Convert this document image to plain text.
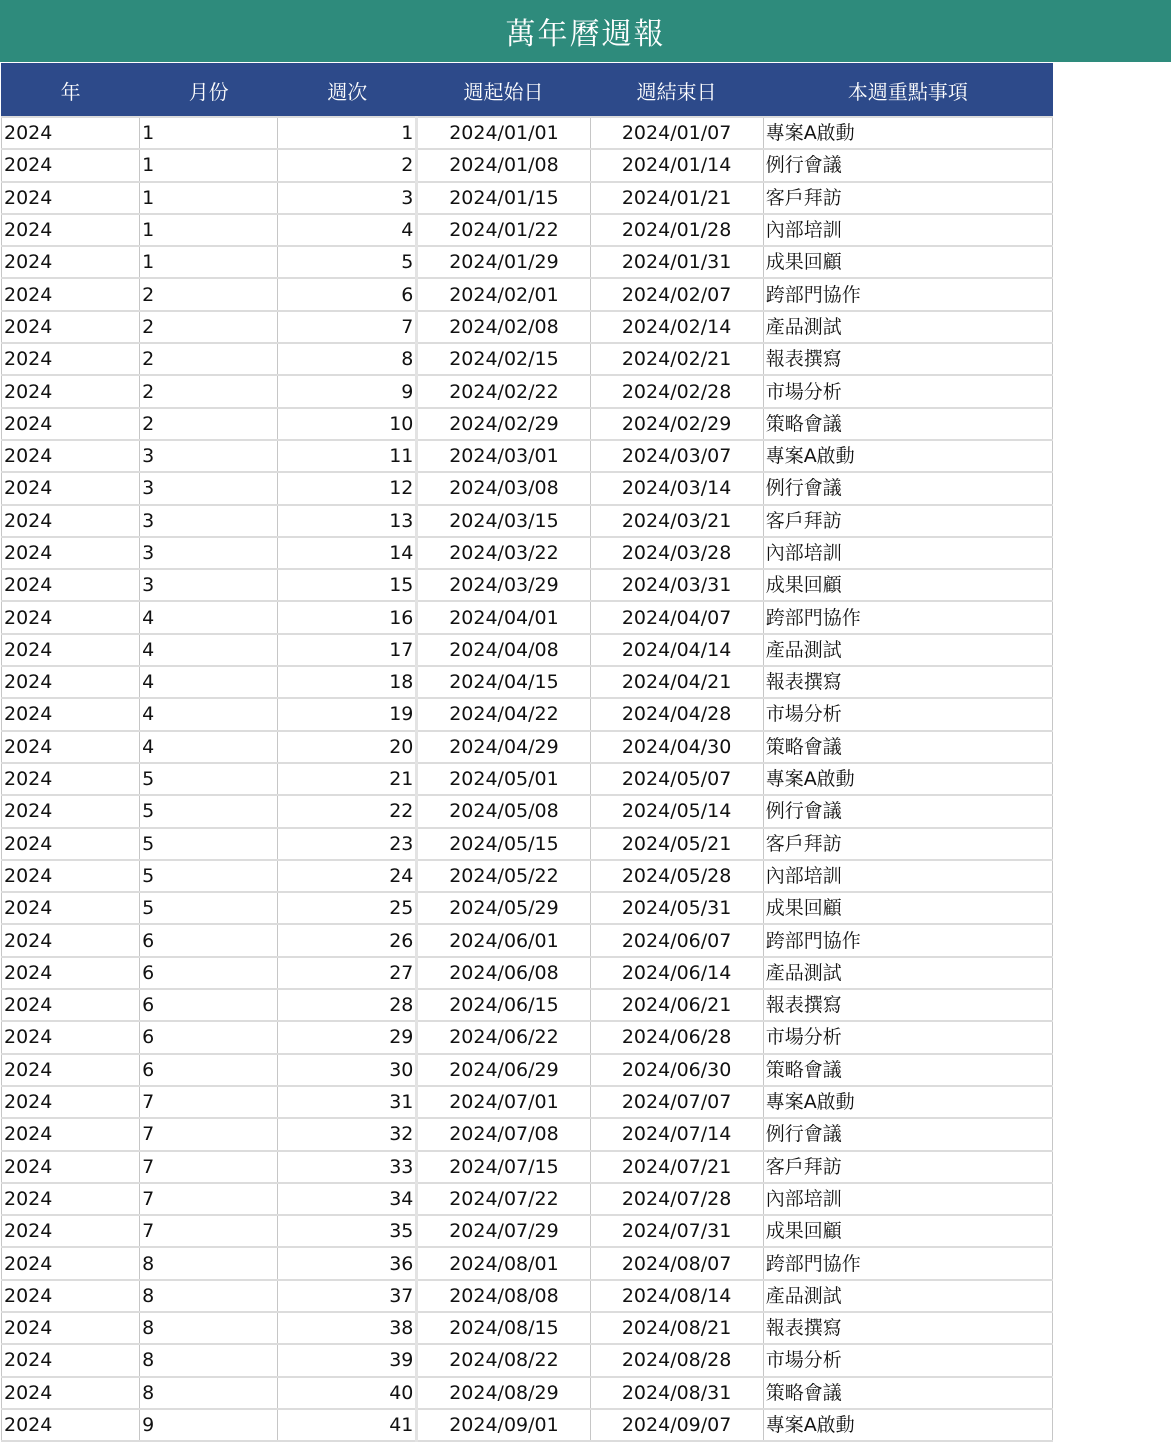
萬年曆週報
年	月份	週次	週起始日	週結束日	本週重點事項
2024	1	1	2024/01/01	2024/01/07	專案A啟動
2024	1	2	2024/01/08	2024/01/14	例行會議
2024	1	3	2024/01/15	2024/01/21	客戶拜訪
2024	1	4	2024/01/22	2024/01/28	內部培訓
2024	1	5	2024/01/29	2024/01/31	成果回顧
2024	2	6	2024/02/01	2024/02/07	跨部門協作
2024	2	7	2024/02/08	2024/02/14	產品測試
2024	2	8	2024/02/15	2024/02/21	報表撰寫
2024	2	9	2024/02/22	2024/02/28	市場分析
2024	2	10	2024/02/29	2024/02/29	策略會議
2024	3	11	2024/03/01	2024/03/07	專案A啟動
2024	3	12	2024/03/08	2024/03/14	例行會議
2024	3	13	2024/03/15	2024/03/21	客戶拜訪
2024	3	14	2024/03/22	2024/03/28	內部培訓
2024	3	15	2024/03/29	2024/03/31	成果回顧
2024	4	16	2024/04/01	2024/04/07	跨部門協作
2024	4	17	2024/04/08	2024/04/14	產品測試
2024	4	18	2024/04/15	2024/04/21	報表撰寫
2024	4	19	2024/04/22	2024/04/28	市場分析
2024	4	20	2024/04/29	2024/04/30	策略會議
2024	5	21	2024/05/01	2024/05/07	專案A啟動
2024	5	22	2024/05/08	2024/05/14	例行會議
2024	5	23	2024/05/15	2024/05/21	客戶拜訪
2024	5	24	2024/05/22	2024/05/28	內部培訓
2024	5	25	2024/05/29	2024/05/31	成果回顧
2024	6	26	2024/06/01	2024/06/07	跨部門協作
2024	6	27	2024/06/08	2024/06/14	產品測試
2024	6	28	2024/06/15	2024/06/21	報表撰寫
2024	6	29	2024/06/22	2024/06/28	市場分析
2024	6	30	2024/06/29	2024/06/30	策略會議
2024	7	31	2024/07/01	2024/07/07	專案A啟動
2024	7	32	2024/07/08	2024/07/14	例行會議
2024	7	33	2024/07/15	2024/07/21	客戶拜訪
2024	7	34	2024/07/22	2024/07/28	內部培訓
2024	7	35	2024/07/29	2024/07/31	成果回顧
2024	8	36	2024/08/01	2024/08/07	跨部門協作
2024	8	37	2024/08/08	2024/08/14	產品測試
2024	8	38	2024/08/15	2024/08/21	報表撰寫
2024	8	39	2024/08/22	2024/08/28	市場分析
2024	8	40	2024/08/29	2024/08/31	策略會議
2024	9	41	2024/09/01	2024/09/07	專案A啟動
